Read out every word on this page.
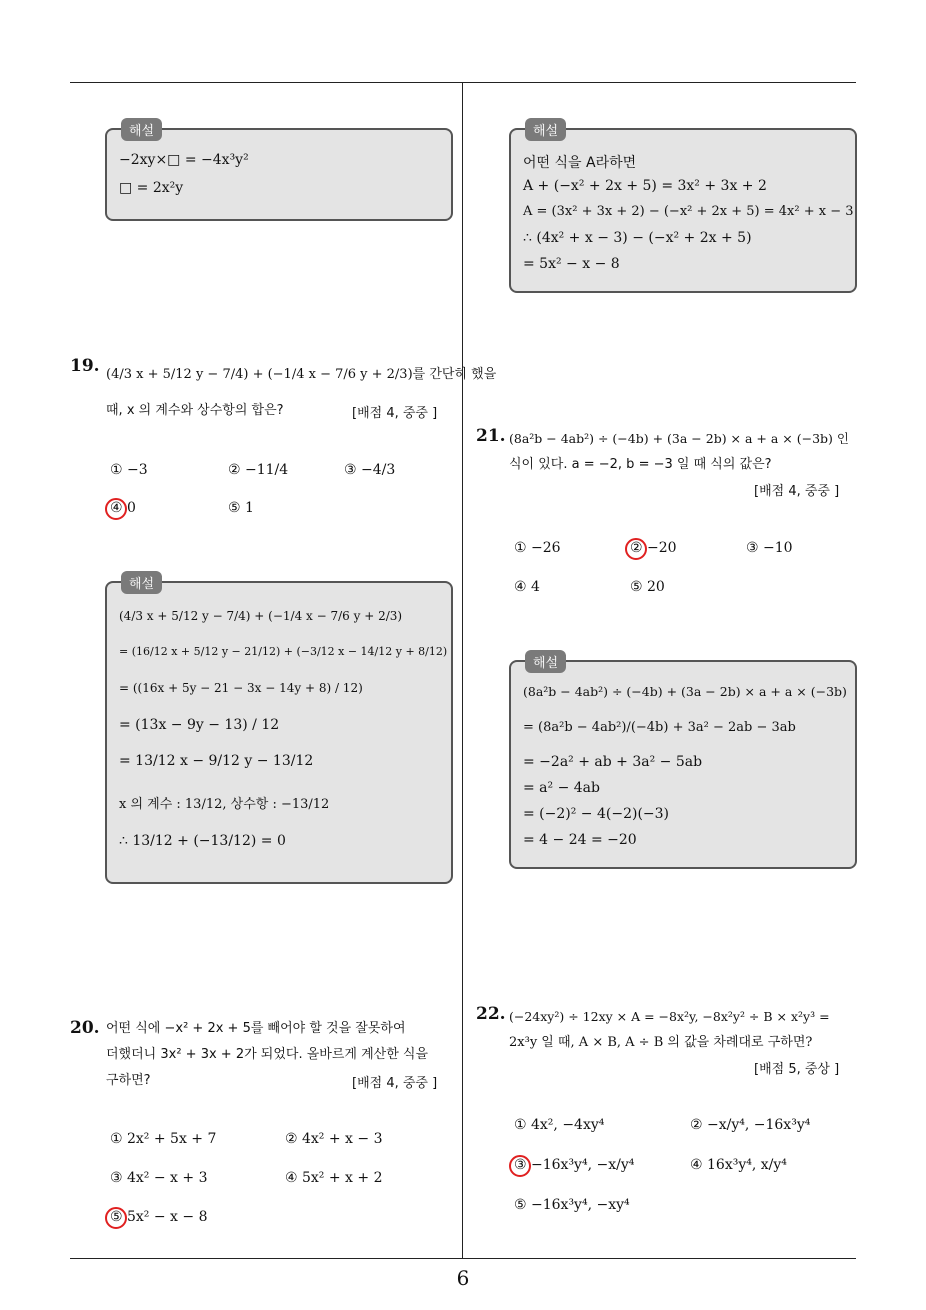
6
해설
−2xy×□ = −4x³y²
□ = 2x²y
해설
어떤 식을 A라하면
A + (−x² + 2x + 5) = 3x² + 3x + 2
A = (3x² + 3x + 2) − (−x² + 2x + 5) = 4x² + x − 3
∴ (4x² + x − 3) − (−x² + 2x + 5)
= 5x² − x − 8
19. (4/3 x + 5/12 y − 7/4) + (−1/4 x − 7/6 y + 2/3)를 간단히 했을
때, x 의 계수와 상수항의 합은?	[배점 4, 중중 ]
① −3	② −11/4	③ −4/3
④ 0	⑤ 1
해설
(4/3 x + 5/12 y − 7/4) + (−1/4 x − 7/6 y + 2/3)
= (16/12 x + 5/12 y − 21/12) + (−3/12 x − 14/12 y + 8/12)
= ((16x + 5y − 21 − 3x − 14y + 8) / 12)
= (13x − 9y − 13) / 12
= 13/12 x − 9/12 y − 13/12
x 의 계수 : 13/12, 상수항 : −13/12
∴ 13/12 + (−13/12) = 0
20. 어떤 식에 −x² + 2x + 5를 빼어야 할 것을 잘못하여
더했더니 3x² + 3x + 2가 되었다. 올바르게 계산한 식을
구하면?	[배점 4, 중중 ]
① 2x² + 5x + 7	② 4x² + x − 3
③ 4x² − x + 3	④ 5x² + x + 2
⑤ 5x² − x − 8
21. (8a²b − 4ab²) ÷ (−4b) + (3a − 2b) × a + a × (−3b) 인
식이 있다. a = −2, b = −3 일 때 식의 값은?
[배점 4, 중중 ]
① −26	② −20	③ −10
④ 4	⑤ 20
해설
(8a²b − 4ab²) ÷ (−4b) + (3a − 2b) × a + a × (−3b)
= (8a²b − 4ab²)/(−4b) + 3a² − 2ab − 3ab
= −2a² + ab + 3a² − 5ab
= a² − 4ab
= (−2)² − 4(−2)(−3)
= 4 − 24 = −20
22. (−24xy²) ÷ 12xy × A = −8x²y, −8x²y² ÷ B × x²y³ =
2x³y 일 때, A × B, A ÷ B 의 값을 차례대로 구하면?
[배점 5, 중상 ]
① 4x², −4xy⁴	② −x/y⁴, −16x³y⁴
③ −16x³y⁴, −x/y⁴	④ 16x³y⁴, x/y⁴
⑤ −16x³y⁴, −xy⁴
